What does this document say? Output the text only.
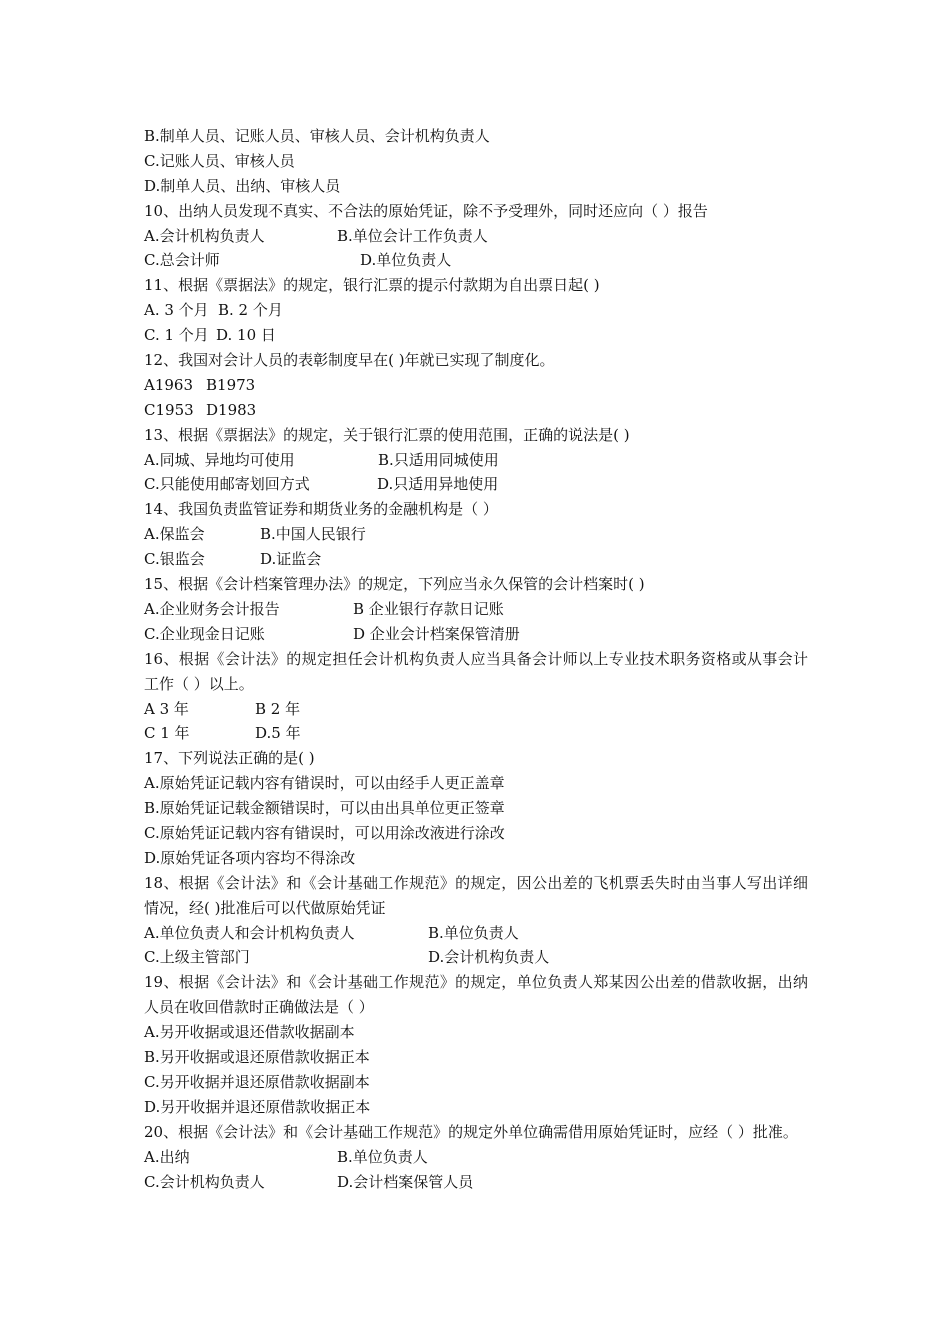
B.制单人员、记账人员、审核人员、会计机构负责人
C.记账人员、审核人员
D.制单人员、出纳、审核人员
10、出纳人员发现不真实、不合法的原始凭证，除不予受理外，同时还应向（ ）报告
A.会计机构负责人	B.单位会计工作负责人
C.总会计师	D.单位负责人
11、根据《票据法》的规定，银行汇票的提示付款期为自出票日起( )
A. 3 个月 B. 2 个月
C. 1 个月 D. 10 日
12、我国对会计人员的表彰制度早在( )年就已实现了制度化。
A1963 B1973
C1953 D1983
13、根据《票据法》的规定，关于银行汇票的使用范围，正确的说法是( )
A.同城、异地均可使用	B.只适用同城使用
C.只能使用邮寄划回方式	D.只适用异地使用
14、我国负责监管证券和期货业务的金融机构是（ ）
A.保监会	B.中国人民银行
C.银监会	D.证监会
15、根据《会计档案管理办法》的规定，下列应当永久保管的会计档案时( )
A.企业财务会计报告	B 企业银行存款日记账
C.企业现金日记账	D 企业会计档案保管清册
16、根据《会计法》的规定担任会计机构负责人应当具备会计师以上专业技术职务资格或从事会计工作（ ）以上。
A 3 年	B 2 年
C 1 年	D.5 年
17、下列说法正确的是( )
A.原始凭证记载内容有错误时，可以由经手人更正盖章
B.原始凭证记载金额错误时，可以由出具单位更正签章
C.原始凭证记载内容有错误时，可以用涂改液进行涂改
D.原始凭证各项内容均不得涂改
18、根据《会计法》和《会计基础工作规范》的规定，因公出差的飞机票丢失时由当事人写出详细情况，经( )批准后可以代做原始凭证
A.单位负责人和会计机构负责人	B.单位负责人
C.上级主管部门	D.会计机构负责人
19、根据《会计法》和《会计基础工作规范》的规定，单位负责人郑某因公出差的借款收据，出纳人员在收回借款时正确做法是（ ）
A.另开收据或退还借款收据副本
B.另开收据或退还原借款收据正本
C.另开收据并退还原借款收据副本
D.另开收据并退还原借款收据正本
20、根据《会计法》和《会计基础工作规范》的规定外单位确需借用原始凭证时，应经（ ）批准。
A.出纳	B.单位负责人
C.会计机构负责人	D.会计档案保管人员
